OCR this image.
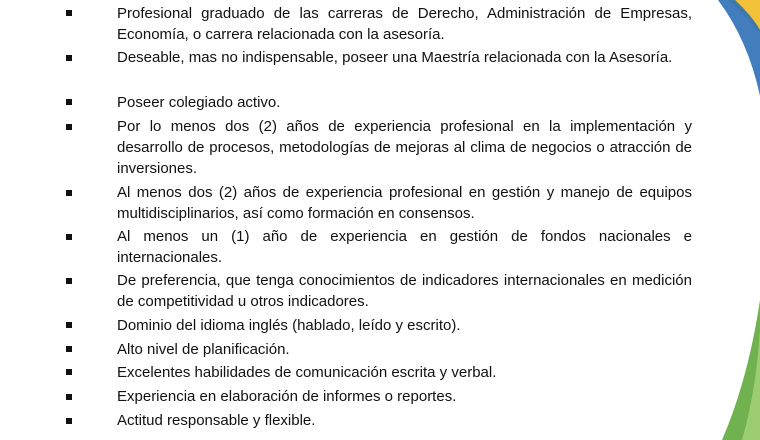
Profesional graduado de las carreras de Derecho, Administración de Empresas, Economía, o carrera relacionada con la asesoría.

Deseable, mas no indispensable, poseer una Maestría relacionada con la Asesoría.

Poseer colegiado activo.

Por lo menos dos (2) años de experiencia profesional en la implementación y desarrollo de procesos, metodologías de mejoras al clima de negocios o atracción de inversiones.

Al menos dos (2) años de experiencia profesional en gestión y manejo de equipos multidisciplinarios, así como formación en consensos.

Al menos un (1) año de experiencia en gestión de fondos nacionales e internacionales.

De preferencia, que tenga conocimientos de indicadores internacionales en medición de competitividad u otros indicadores.

Dominio del idioma inglés (hablado, leído y escrito).

Alto nivel de planificación.

Excelentes habilidades de comunicación escrita y verbal.

Experiencia en elaboración de informes o reportes.

Actitud responsable y flexible.
